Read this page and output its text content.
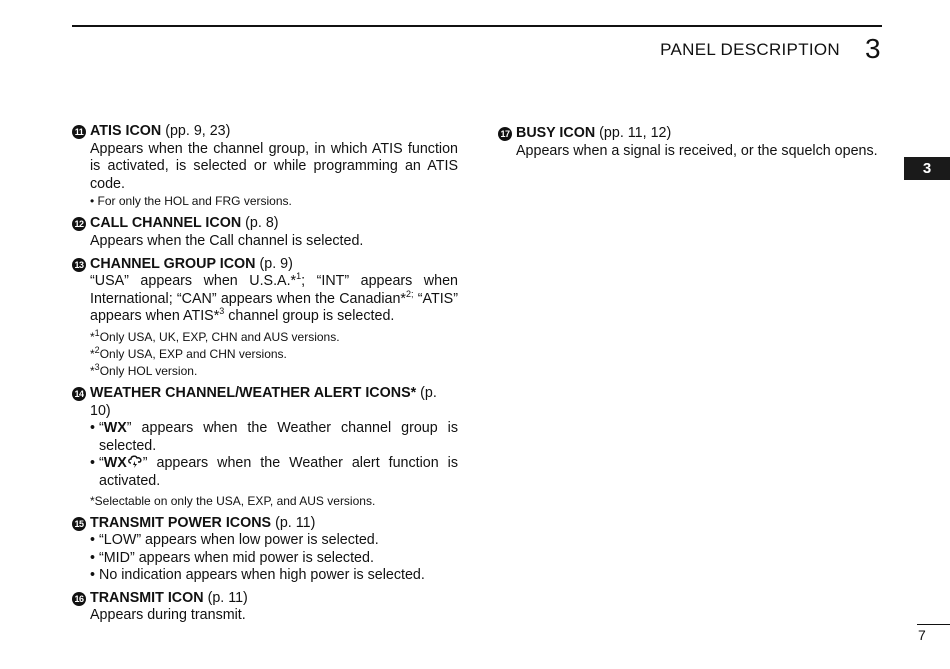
PANEL DESCRIPTION 3
3
11 ATIS ICON (pp. 9, 23)
Appears when the channel group, in which ATIS function is activated, is selected or while programming an ATIS code.
• For only the HOL and FRG versions.
12 CALL CHANNEL ICON (p. 8)
Appears when the Call channel is selected.
13 CHANNEL GROUP ICON (p. 9)
“USA” appears when U.S.A.*$^1$; “INT” appears when International; “CAN” appears when the Canadian*$^{2;}$ “ATIS” appears when ATIS*$^3$ channel group is selected.
*$^1$Only USA, UK, EXP, CHN and AUS versions.
*$^2$Only USA, EXP and CHN versions.
*$^3$Only HOL version.
14 WEATHER CHANNEL/WEATHER ALERT ICONS* (p. 10)
• “WX” appears when the Weather channel group is selected.
• “WX ” appears when the Weather alert function is activated.
*Selectable on only the USA, EXP, and AUS versions.
15 TRANSMIT POWER ICONS (p. 11)
• “LOW” appears when low power is selected.
• “MID” appears when mid power is selected.
• No indication appears when high power is selected.
16 TRANSMIT ICON (p. 11)
Appears during transmit.
17 BUSY ICON (pp. 11, 12)
Appears when a signal is received, or the squelch opens.
7
